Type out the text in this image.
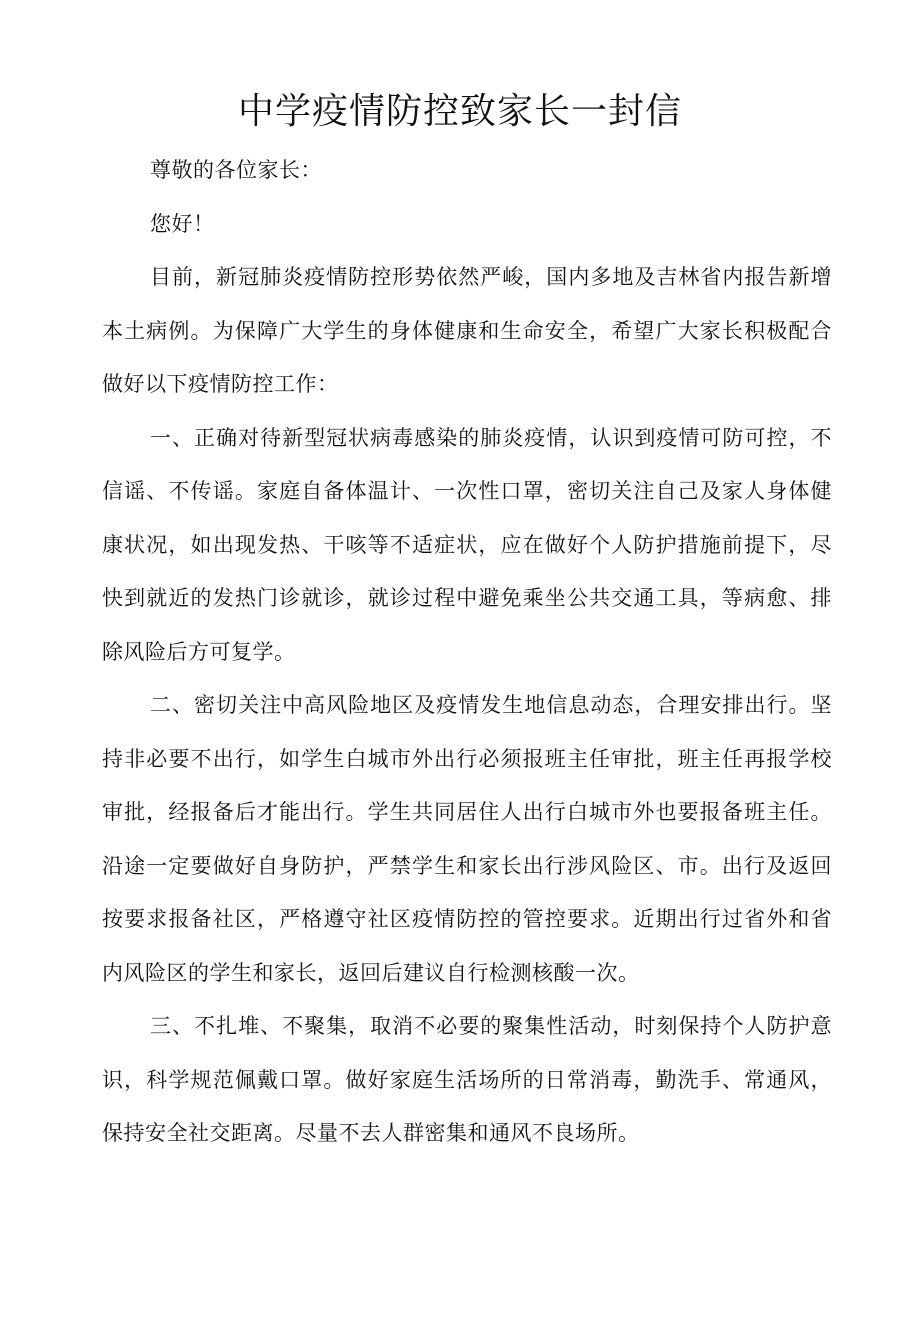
中学疫情防控致家长一封信

尊敬的各位家长：

您好！

目前，新冠肺炎疫情防控形势依然严峻，国内多地及吉林省内报告新增本土病例。为保障广大学生的身体健康和生命安全，希望广大家长积极配合做好以下疫情防控工作：

一、正确对待新型冠状病毒感染的肺炎疫情，认识到疫情可防可控，不信谣、不传谣。家庭自备体温计、一次性口罩，密切关注自己及家人身体健康状况，如出现发热、干咳等不适症状，应在做好个人防护措施前提下，尽快到就近的发热门诊就诊，就诊过程中避免乘坐公共交通工具，等病愈、排除风险后方可复学。

二、密切关注中高风险地区及疫情发生地信息动态，合理安排出行。坚持非必要不出行，如学生白城市外出行必须报班主任审批，班主任再报学校审批，经报备后才能出行。学生共同居住人出行白城市外也要报备班主任。沿途一定要做好自身防护，严禁学生和家长出行涉风险区、市。出行及返回按要求报备社区，严格遵守社区疫情防控的管控要求。近期出行过省外和省内风险区的学生和家长，返回后建议自行检测核酸一次。

三、不扎堆、不聚集，取消不必要的聚集性活动，时刻保持个人防护意识，科学规范佩戴口罩。做好家庭生活场所的日常消毒，勤洗手、常通风，保持安全社交距离。尽量不去人群密集和通风不良场所。
